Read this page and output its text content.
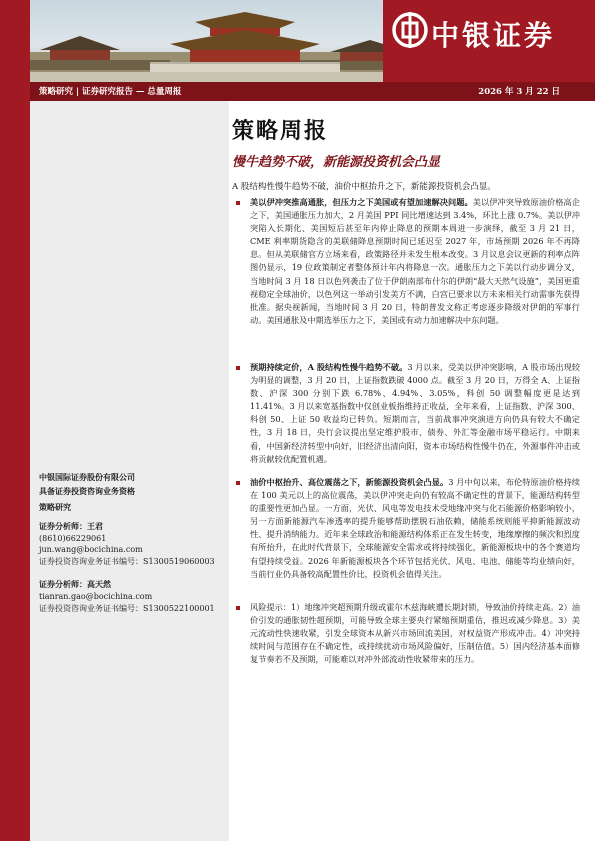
中银证券
策略研究 | 证券研究报告 — 总量周报	2026 年 3 月 22 日
中银国际证券股份有限公司
具备证券投资咨询业务资格
策略研究
证券分析师：王君
(8610)66229061
jun.wang@bocichina.com
证券投资咨询业务证书编号：S1300519060003
证券分析师：高天然
tianran.gao@bocichina.com
证券投资咨询业务证书编号：S1300522100001
策略周报
慢牛趋势不破，新能源投资机会凸显
A 股结构性慢牛趋势不破，油价中枢抬升之下，新能源投资机会凸显。
美以伊冲突推高通胀，但压力之下美国或有望加速解决问题。美以伊冲突导致原油价格高企之下，美国通胀压力加大，2 月美国 PPI 同比增速达到 3.4%，环比上涨 0.7%。美以伊冲突陷入长期化、美国短后甚至年内停止降息的预期本周进一步演绎，截至 3 月 21 日，CME 利率期货隐含的美联储降息预期时间已延迟至 2027 年，市场预期 2026 年不再降息。但从美联储官方立场来看，政策路径并未发生根本改变。3 月议息会议更新的利率点阵图仍显示，19 位政策制定者整体预计年内将降息一次。通胀压力之下美以行动步调分叉，当地时间 3 月 18 日以色列袭击了位于伊朗南部布什尔的伊朗“最大天然气设施”，美国更重视稳定全球油价，以色列这一举动引发美方不满，白宫已要求以方未来相关行动需事先获得批准。据央视新闻，当地时间 3 月 20 日，特朗普发文称正考虑逐步降级对伊朗的军事行动。美国通胀及中期选举压力之下，美国或有动力加速解决中东问题。
预期持续定价，A 股结构性慢牛趋势不破。3 月以来，受美以伊冲突影响，A 股市场出现较为明显的调整，3 月 20 日，上证指数跌破 4000 点。截至 3 月 20 日，万得全 A、上证指数、沪深 300 分别下跌 6.78%、4.94%、3.05%，科创 50 调整幅度更是达到 11.41%。3 月以来宽基指数中仅创业板指维持正收益，全年来看，上证指数、沪深 300、科创 50、上证 50 收益均已转负。短期而言，当前战事冲突演进方向仍具有较大不确定性，3 月 18 日，央行会议提出坚定维护股市、债券、外汇等金融市场平稳运行。中期来看，中国新经济转型中向好，旧经济出清向阳，资本市场结构性慢牛仍在，外源事件冲击或将贡献较优配置机遇。
油价中枢抬升、高位震荡之下，新能源投资机会凸显。3 月中旬以来，布伦特原油价格持续在 100 美元以上的高位震荡，美以伊冲突走向仍有较高不确定性的背景下，能源结构转型的重要性更加凸显。一方面，光伏、风电等发电技术受地缘冲突与化石能源价格影响较小，另一方面新能源汽车渗透率的提升能够帮助摆脱石油依赖，储能系统则能平抑新能源波动性、提升消纳能力。近年来全球政治和能源结构体系正在发生转变，地缘摩擦的频次和烈度有所抬升，在此时代背景下，全球能源安全需求或将持续强化，新能源板块中的各个赛道均有望持续受益。2026 年新能源板块各个环节包括光伏、风电、电池、储能等均业绩向好，当前行业仍具备较高配置性价比，投资机会值得关注。
风险提示：1）地缘冲突超预期升级或霍尔木兹海峡遭长期封锁，导致油价持续走高。2）油价引发的通胀韧性超预期，可能导致全球主要央行紧缩预期重估，推迟或减少降息。3）美元流动性快速收紧，引发全球资本从新兴市场回流美国，对权益资产形成冲击。4）冲突持续时间与范围存在不确定性，或持续扰动市场风险偏好，压制估值。5）国内经济基本面修复节奏若不及预期，可能难以对冲外部流动性收紧带来的压力。
